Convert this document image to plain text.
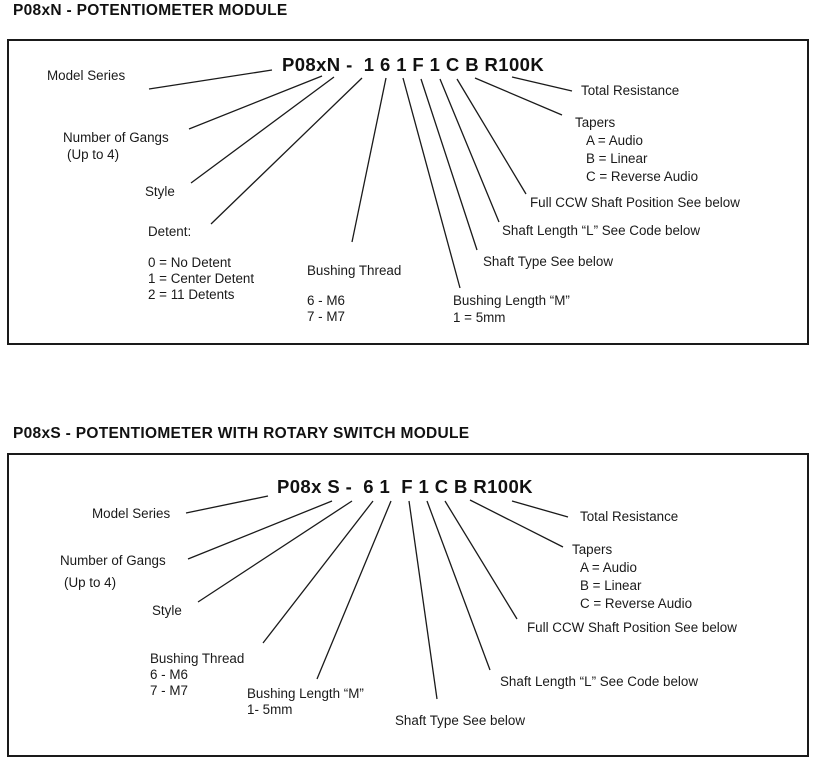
P08xN - POTENTIOMETER MODULE
P08xS - POTENTIOMETER WITH ROTARY SWITCH MODULE
P08xN -  1 6 1 F 1 C B R100K
Model Series
Number of Gangs
(Up to 4)
Style
Detent:
0 = No Detent
1 = Center Detent
2 = 11 Detents
Bushing Thread
6 - M6
7 - M7
Bushing Length “M”
1 = 5mm
Shaft Type See below
Shaft Length “L” See Code below
Full CCW Shaft Position See below
Tapers
A = Audio
B = Linear
C = Reverse Audio
Total Resistance
P08x S -  6 1  F 1 C B R100K
Model Series
Number of Gangs
(Up to 4)
Style
Bushing Thread
6 - M6
7 - M7	Bushing Length “M”
1- 5mm
Shaft Type See below
Shaft Length “L” See Code below
Full CCW Shaft Position See below
Tapers
A = Audio
B = Linear
C = Reverse Audio
Total Resistance
